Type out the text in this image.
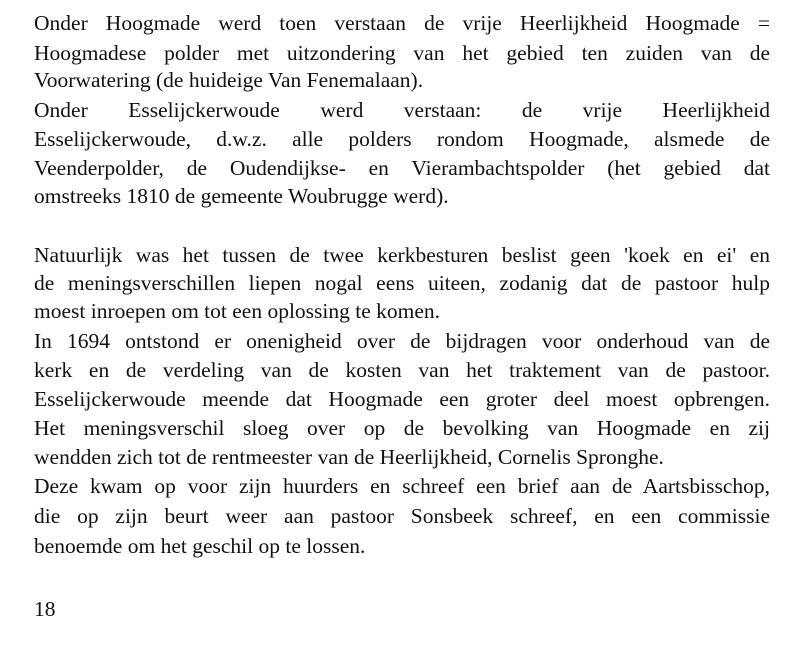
Onder Hoogmade werd toen verstaan de vrije Heerlijkheid Hoogmade =
Hoogmadese polder met uitzondering van het gebied ten zuiden van de
Voorwatering (de huideige Van Fenemalaan).
Onder Esselijckerwoude werd verstaan: de vrije Heerlijkheid
Esselijckerwoude, d.w.z. alle polders rondom Hoogmade, alsmede de
Veenderpolder, de Oudendijkse- en Vierambachtspolder (het gebied dat
omstreeks 1810 de gemeente Woubrugge werd).
Natuurlijk was het tussen de twee kerkbesturen beslist geen 'koek en ei' en
de meningsverschillen liepen nogal eens uiteen, zodanig dat de pastoor hulp
moest inroepen om tot een oplossing te komen.
In 1694 ontstond er onenigheid over de bijdragen voor onderhoud van de
kerk en de verdeling van de kosten van het traktement van de pastoor.
Esselijckerwoude meende dat Hoogmade een groter deel moest opbrengen.
Het meningsverschil sloeg over op de bevolking van Hoogmade en zij
wendden zich tot de rentmeester van de Heerlijkheid, Cornelis Spronghe.
Deze kwam op voor zijn huurders en schreef een brief aan de Aartsbisschop,
die op zijn beurt weer aan pastoor Sonsbeek schreef, en een commissie
benoemde om het geschil op te lossen.
18
